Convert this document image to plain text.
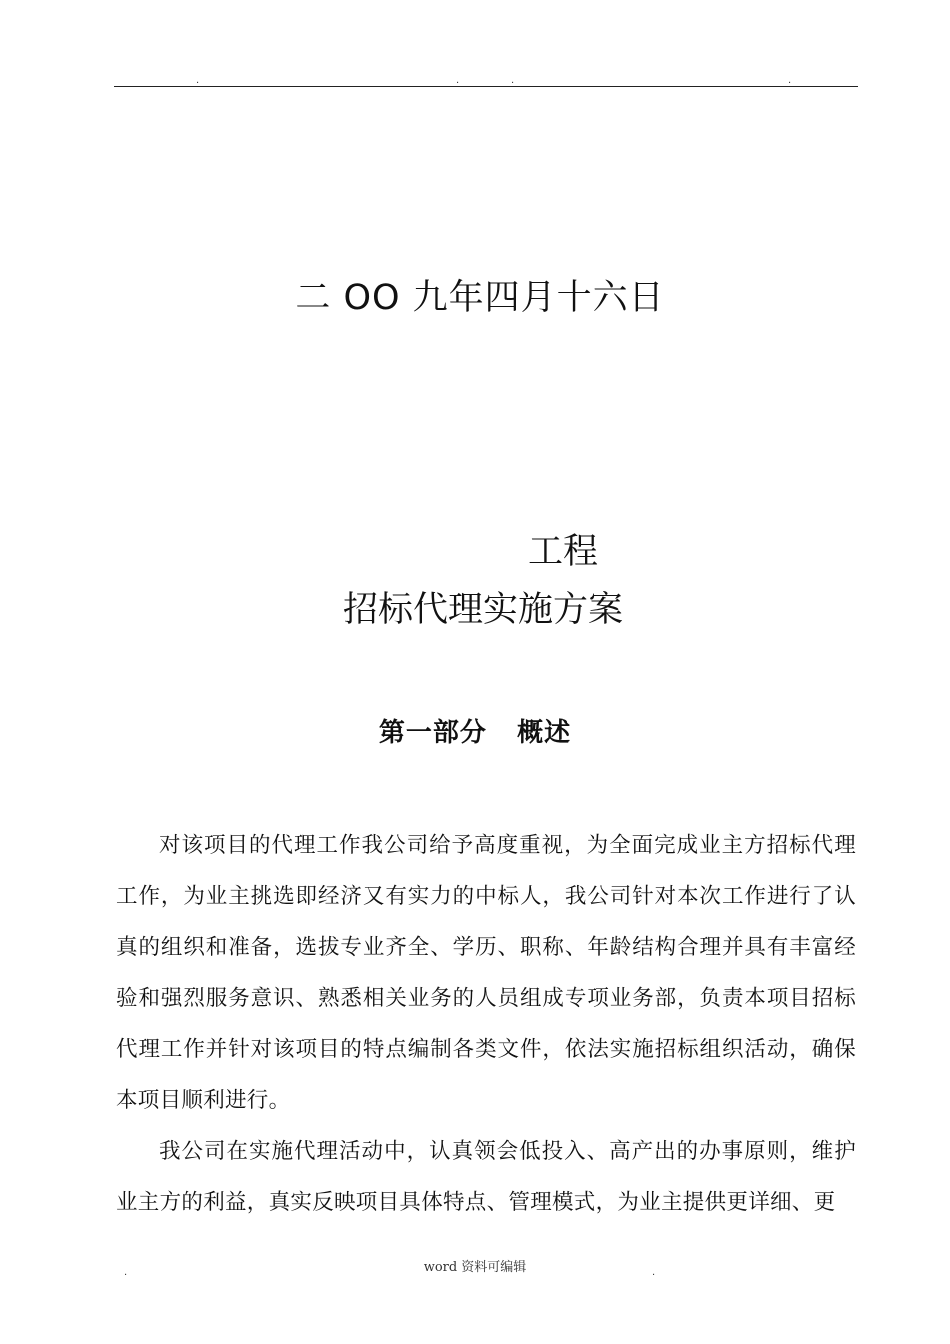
.	.	.	.
二 OO 九年四月十六日
工程
招标代理实施方案
第一部分   概述

对该项目的代理工作我公司给予高度重视，为全面完成业主方招标代理工作，为业主挑选即经济又有实力的中标人，我公司针对本次工作进行了认真的组织和准备，选拔专业齐全、学历、职称、年龄结构合理并具有丰富经验和强烈服务意识、熟悉相关业务的人员组成专项业务部，负责本项目招标代理工作并针对该项目的特点编制各类文件，依法实施招标组织活动，确保本项目顺利进行。

我公司在实施代理活动中，认真领会低投入、高产出的办事原则，维护业主方的利益，真实反映项目具体特点、管理模式，为业主提供更详细、更

.	word 资料可编辑	.
